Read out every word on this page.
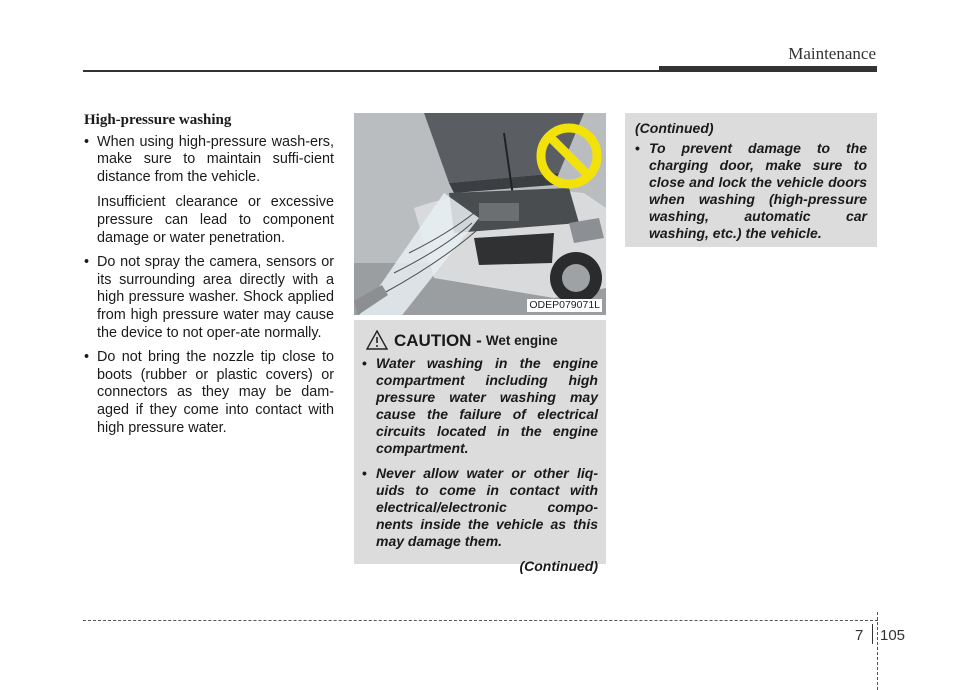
Maintenance
High-pressure washing
• When using high-pressure wash-ers, make sure to maintain suffi-cient distance from the vehicle.
Insufficient clearance or excessive pressure can lead to component damage or water penetration.
• Do not spray the camera, sensors or its surrounding area directly with a high pressure washer. Shock applied from high pressure water may cause the device to not oper-ate normally.
• Do not bring the nozzle tip close to boots (rubber or plastic covers) or connectors as they may be dam-aged if they come into contact with high pressure water.
ODEP079071L
CAUTION - Wet engine
• Water washing in the engine compartment including high pressure water washing may cause the failure of electrical circuits located in the engine compartment.
• Never allow water or other liq-uids to come in contact with electrical/electronic compo-nents inside the vehicle as this may damage them.
(Continued)
(Continued)
• To prevent damage to the charging door, make sure to close and lock the vehicle doors when washing (high-pressure washing, automatic car washing, etc.) the vehicle.
7 105
